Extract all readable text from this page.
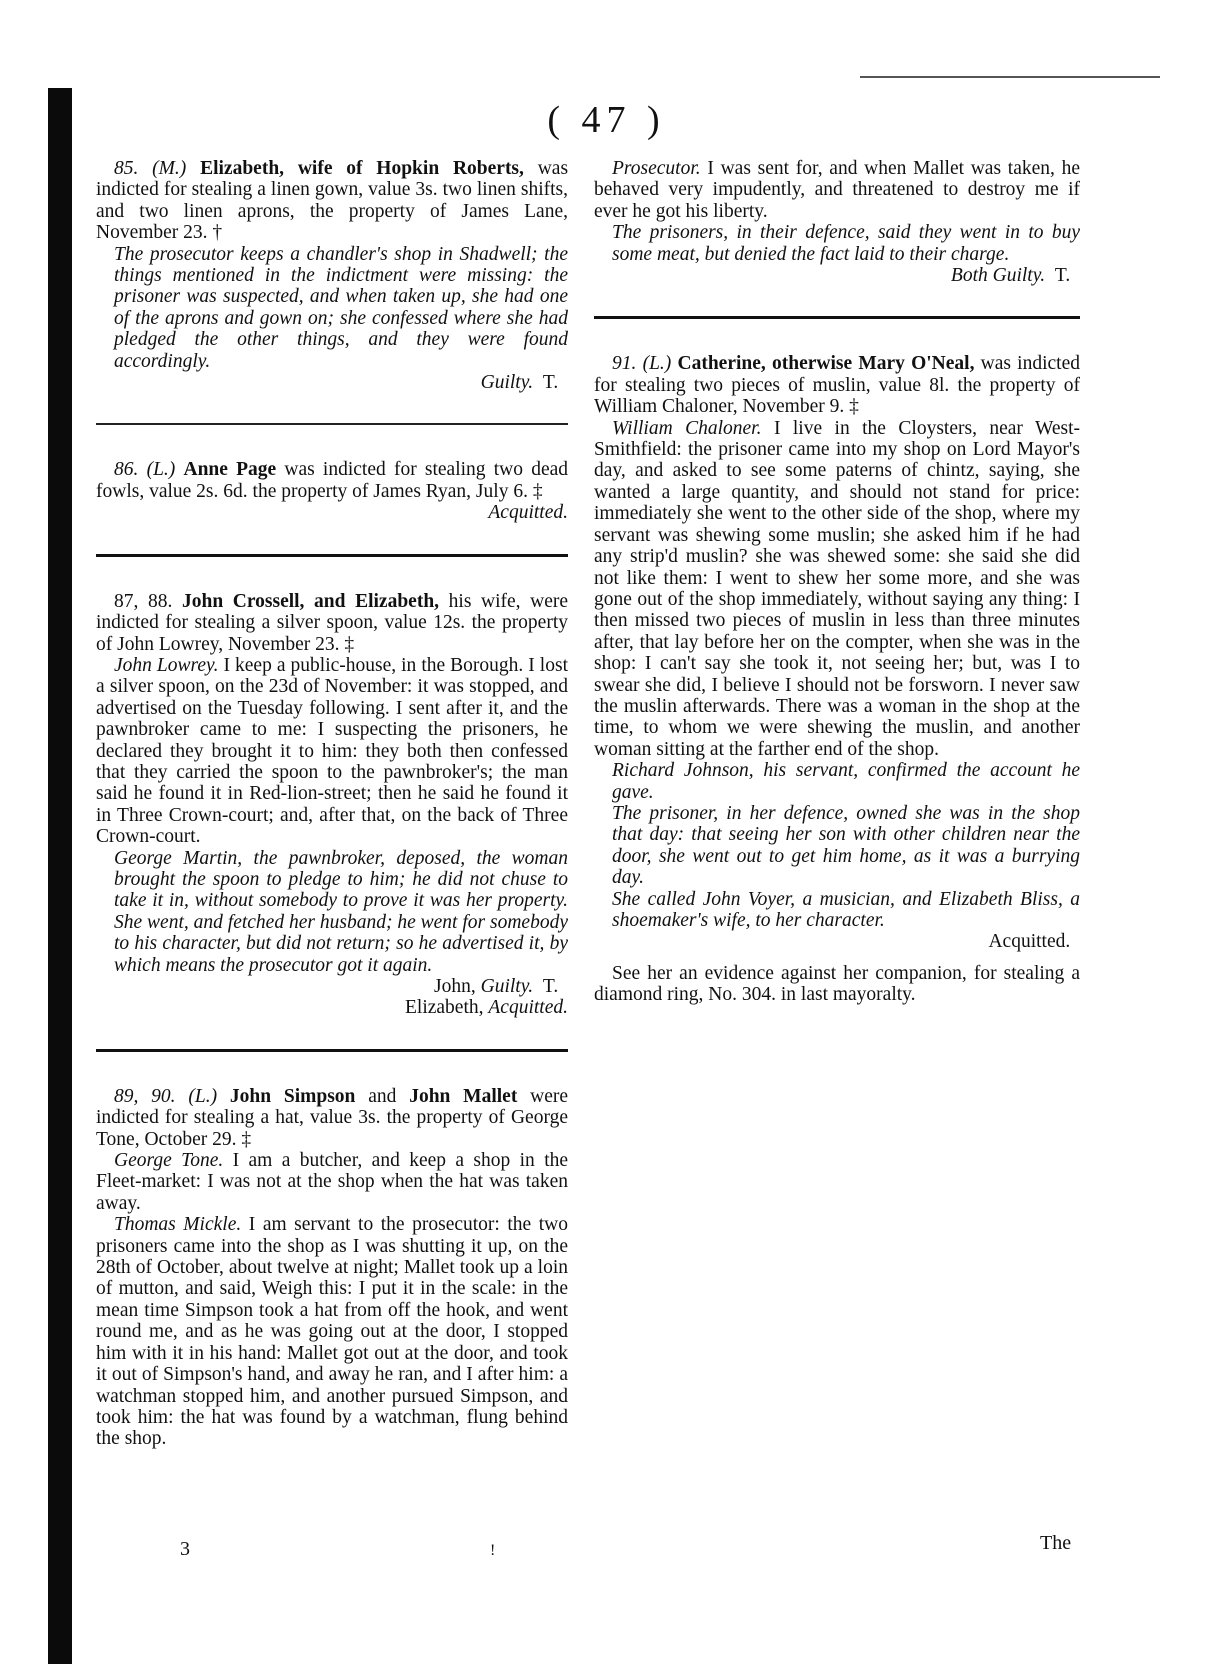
( 47 )

85. (M.) Elizabeth, wife of Hopkin Roberts, was indicted for stealing a linen gown, value 3s. two linen shifts, and two linen aprons, the property of James Lane, November 23. †

The prosecutor keeps a chandler's shop in Shadwell; the things mentioned in the indictment were missing: the prisoner was suspected, and when taken up, she had one of the aprons and gown on; she confessed where she had pledged the other things, and they were found accordingly.

Guilty. T.

86. (L.) Anne Page was indicted for stealing two dead fowls, value 2s. 6d. the property of James Ryan, July 6. ‡

Acquitted.

87, 88. John Crossell, and Elizabeth, his wife, were indicted for stealing a silver spoon, value 12s. the property of John Lowrey, November 23. ‡

John Lowrey. I keep a public-house, in the Borough. I lost a silver spoon, on the 23d of November: it was stopped, and advertised on the Tuesday following. I sent after it, and the pawnbroker came to me: I suspecting the prisoners, he declared they brought it to him: they both then confessed that they carried the spoon to the pawnbroker's; the man said he found it in Red-lion-street; then he said he found it in Three Crown-court; and, after that, on the back of Three Crown-court.

George Martin, the pawnbroker, deposed, the woman brought the spoon to pledge to him; he did not chuse to take it in, without somebody to prove it was her property. She went, and fetched her husband; he went for somebody to his character, but did not return; so he advertised it, by which means the prosecutor got it again.

John, Guilty. T.

Elizabeth, Acquitted.

89, 90. (L.) John Simpson and John Mallet were indicted for stealing a hat, value 3s. the property of George Tone, October 29. ‡

George Tone. I am a butcher, and keep a shop in the Fleet-market: I was not at the shop when the hat was taken away.

Thomas Mickle. I am servant to the prosecutor: the two prisoners came into the shop as I was shutting it up, on the 28th of October, about twelve at night; Mallet took up a loin of mutton, and said, Weigh this: I put it in the scale: in the mean time Simpson took a hat from off the hook, and went round me, and as he was going out at the door, I stopped him with it in his hand: Mallet got out at the door, and took it out of Simpson's hand, and away he ran, and I after him: a watchman stopped him, and another pursued Simpson, and took him: the hat was found by a watchman, flung behind the shop.

Prosecutor. I was sent for, and when Mallet was taken, he behaved very impudently, and threatened to destroy me if ever he got his liberty.

The prisoners, in their defence, said they went in to buy some meat, but denied the fact laid to their charge.

Both Guilty. T.

91. (L.) Catherine, otherwise Mary O'Neal, was indicted for stealing two pieces of muslin, value 8l. the property of William Chaloner, November 9. ‡

William Chaloner. I live in the Cloysters, near West-Smithfield: the prisoner came into my shop on Lord Mayor's day, and asked to see some paterns of chintz, saying, she wanted a large quantity, and should not stand for price: immediately she went to the other side of the shop, where my servant was shewing some muslin; she asked him if he had any strip'd muslin? she was shewed some: she said she did not like them: I went to shew her some more, and she was gone out of the shop immediately, without saying any thing: I then missed two pieces of muslin in less than three minutes after, that lay before her on the compter, when she was in the shop: I can't say she took it, not seeing her; but, was I to swear she did, I believe I should not be forsworn. I never saw the muslin afterwards. There was a woman in the shop at the time, to whom we were shewing the muslin, and another woman sitting at the farther end of the shop.

Richard Johnson, his servant, confirmed the account he gave.

The prisoner, in her defence, owned she was in the shop that day: that seeing her son with other children near the door, she went out to get him home, as it was a burrying day.

She called John Voyer, a musician, and Elizabeth Bliss, a shoemaker's wife, to her character.

Acquitted.

See her an evidence against her companion, for stealing a diamond ring, No. 304. in last mayoralty.

3	!	The
